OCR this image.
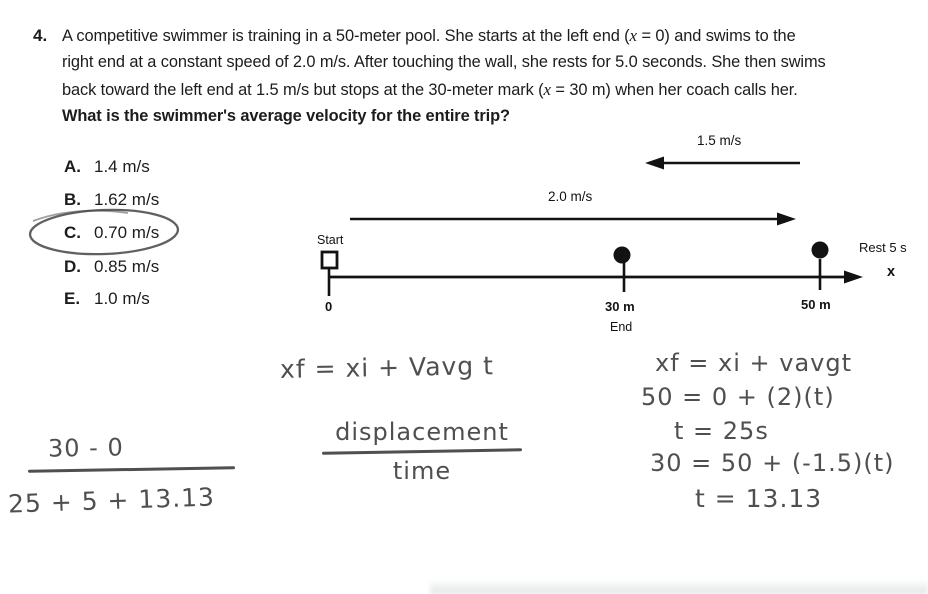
4. A competitive swimmer is training in a 50-meter pool. She starts at the left end (x = 0) and swims to the
right end at a constant speed of 2.0 m/s. After touching the wall, she rests for 5.0 seconds. She then swims
back toward the left end at 1.5 m/s but stops at the 30-meter mark (x = 30 m) when her coach calls her.
What is the swimmer's average velocity for the entire trip?
A. 1.4 m/s
B. 1.62 m/s
C. 0.70 m/s
D. 0.85 m/s
E. 1.0 m/s
1.5 m/s
2.0 m/s
Start
0	30 m
End
50 m
Rest 5 s
x
xf = xi + Vavg t
displacement
time
30 - 0
25 + 5 + 13.13
xf = xi + vavgt
50 = 0 + (2)(t)
t = 25s
30 = 50 + (-1.5)(t)
t = 13.13
